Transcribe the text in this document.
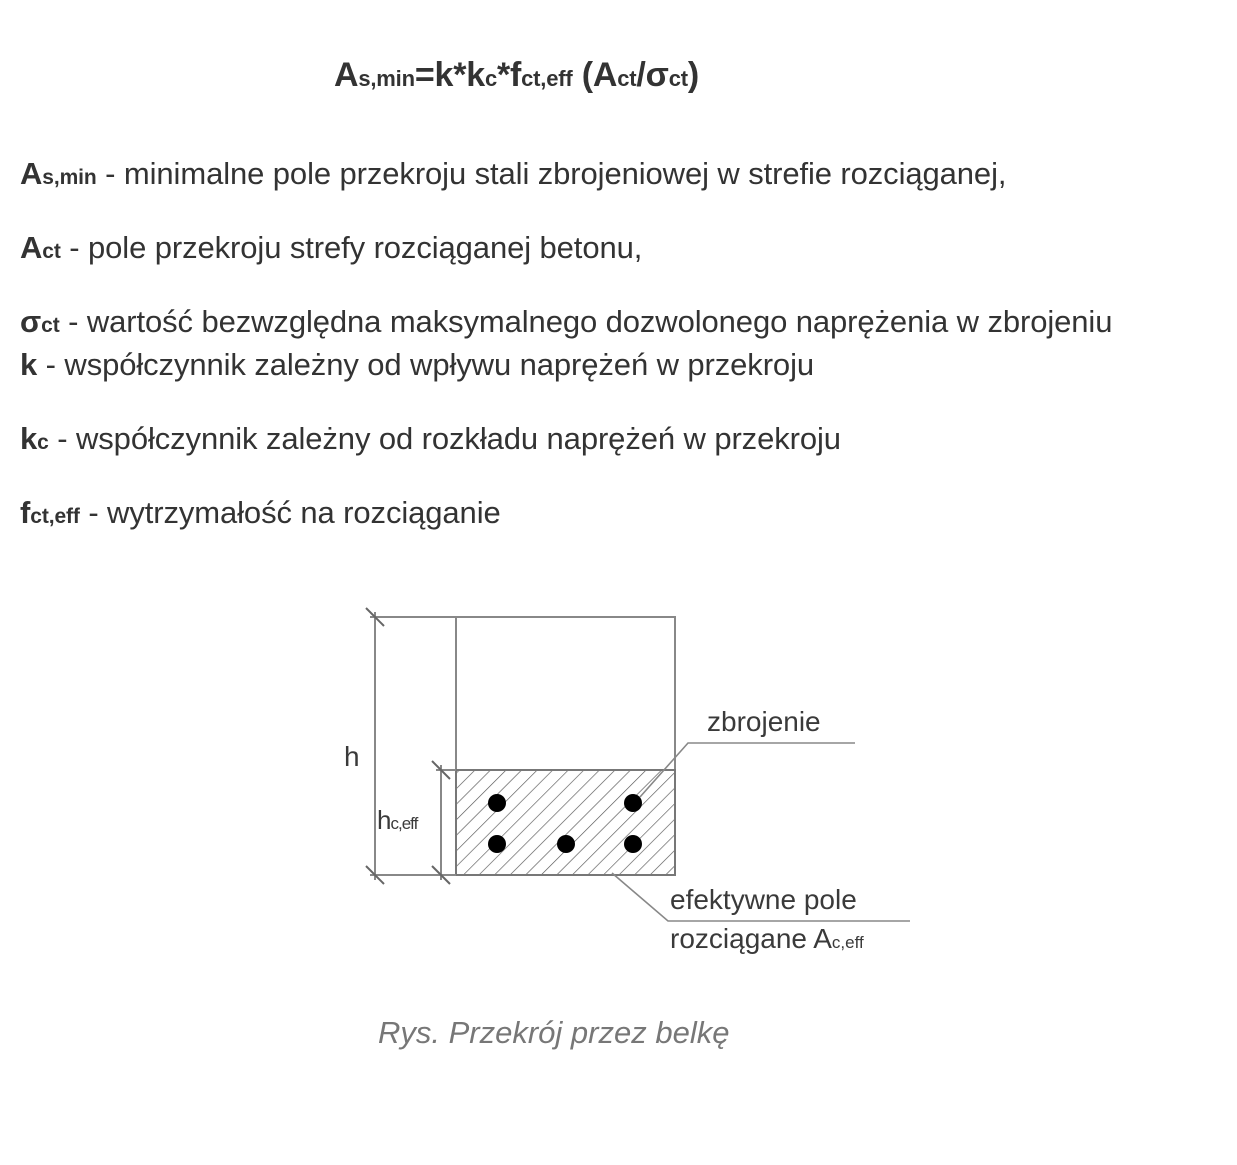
As,min=k*kc*fct,eff (Act/σct)
As,min - minimalne pole przekroju stali zbrojeniowej w strefie rozciąganej,
Act - pole przekroju strefy rozciąganej betonu,
σct - wartość bezwzględna maksymalnego dozwolonego naprężenia w zbrojeniu
k - współczynnik zależny od wpływu naprężeń w przekroju
kc - współczynnik zależny od rozkładu naprężeń w przekroju
fct,eff - wytrzymałość na rozciąganie
h
hc,eff
zbrojenie
efektywne pole
rozciągane Ac,eff
Rys. Przekrój przez belkę
